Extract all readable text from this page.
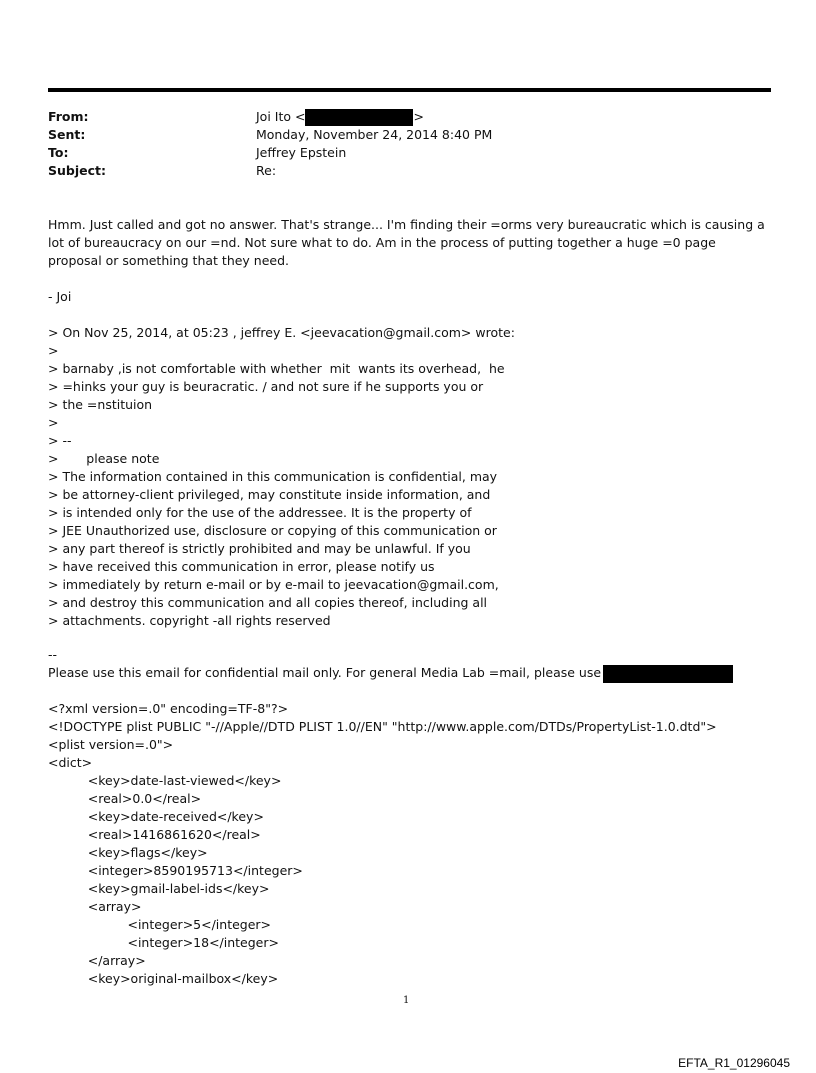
From:	Joi Ito <	>
Sent:	Monday, November 24, 2014 8:40 PM
To:	Jeffrey Epstein
Subject:	Re:
Hmm. Just called and got no answer. That's strange... I'm finding their =orms very bureaucratic which is causing a lot of bureaucracy on our =nd. Not sure what to do. Am in the process of putting together a huge =0 page proposal or something that they need.
- Joi
> On Nov 25, 2014, at 05:23 , jeffrey E. <jeevacation@gmail.com> wrote:
>
> barnaby ,is not comfortable with whether  mit  wants its overhead,  he
> =hinks your guy is beuracratic. / and not sure if he supports you or
> the =nstituion
>
> --
>       please note
> The information contained in this communication is confidential, may
> be attorney-client privileged, may constitute inside information, and
> is intended only for the use of the addressee. It is the property of
> JEE Unauthorized use, disclosure or copying of this communication or
> any part thereof is strictly prohibited and may be unlawful. If you
> have received this communication in error, please notify us
> immediately by return e-mail or by e-mail to jeevacation@gmail.com,
> and destroy this communication and all copies thereof, including all
> attachments. copyright -all rights reserved
--
Please use this email for confidential mail only. For general Media Lab =mail, please use
<?xml version=.0" encoding=TF-8"?>
<!DOCTYPE plist PUBLIC "-//Apple//DTD PLIST 1.0//EN" "http://www.apple.com/DTDs/PropertyList-1.0.dtd">
<plist version=.0">
<dict>
<key>date-last-viewed</key>
<real>0.0</real>
<key>date-received</key>
<real>1416861620</real>
<key>flags</key>
<integer>8590195713</integer>
<key>gmail-label-ids</key>
<array>
<integer>5</integer>
<integer>18</integer>
</array>
<key>original-mailbox</key>
1
EFTA_R1_01296045
